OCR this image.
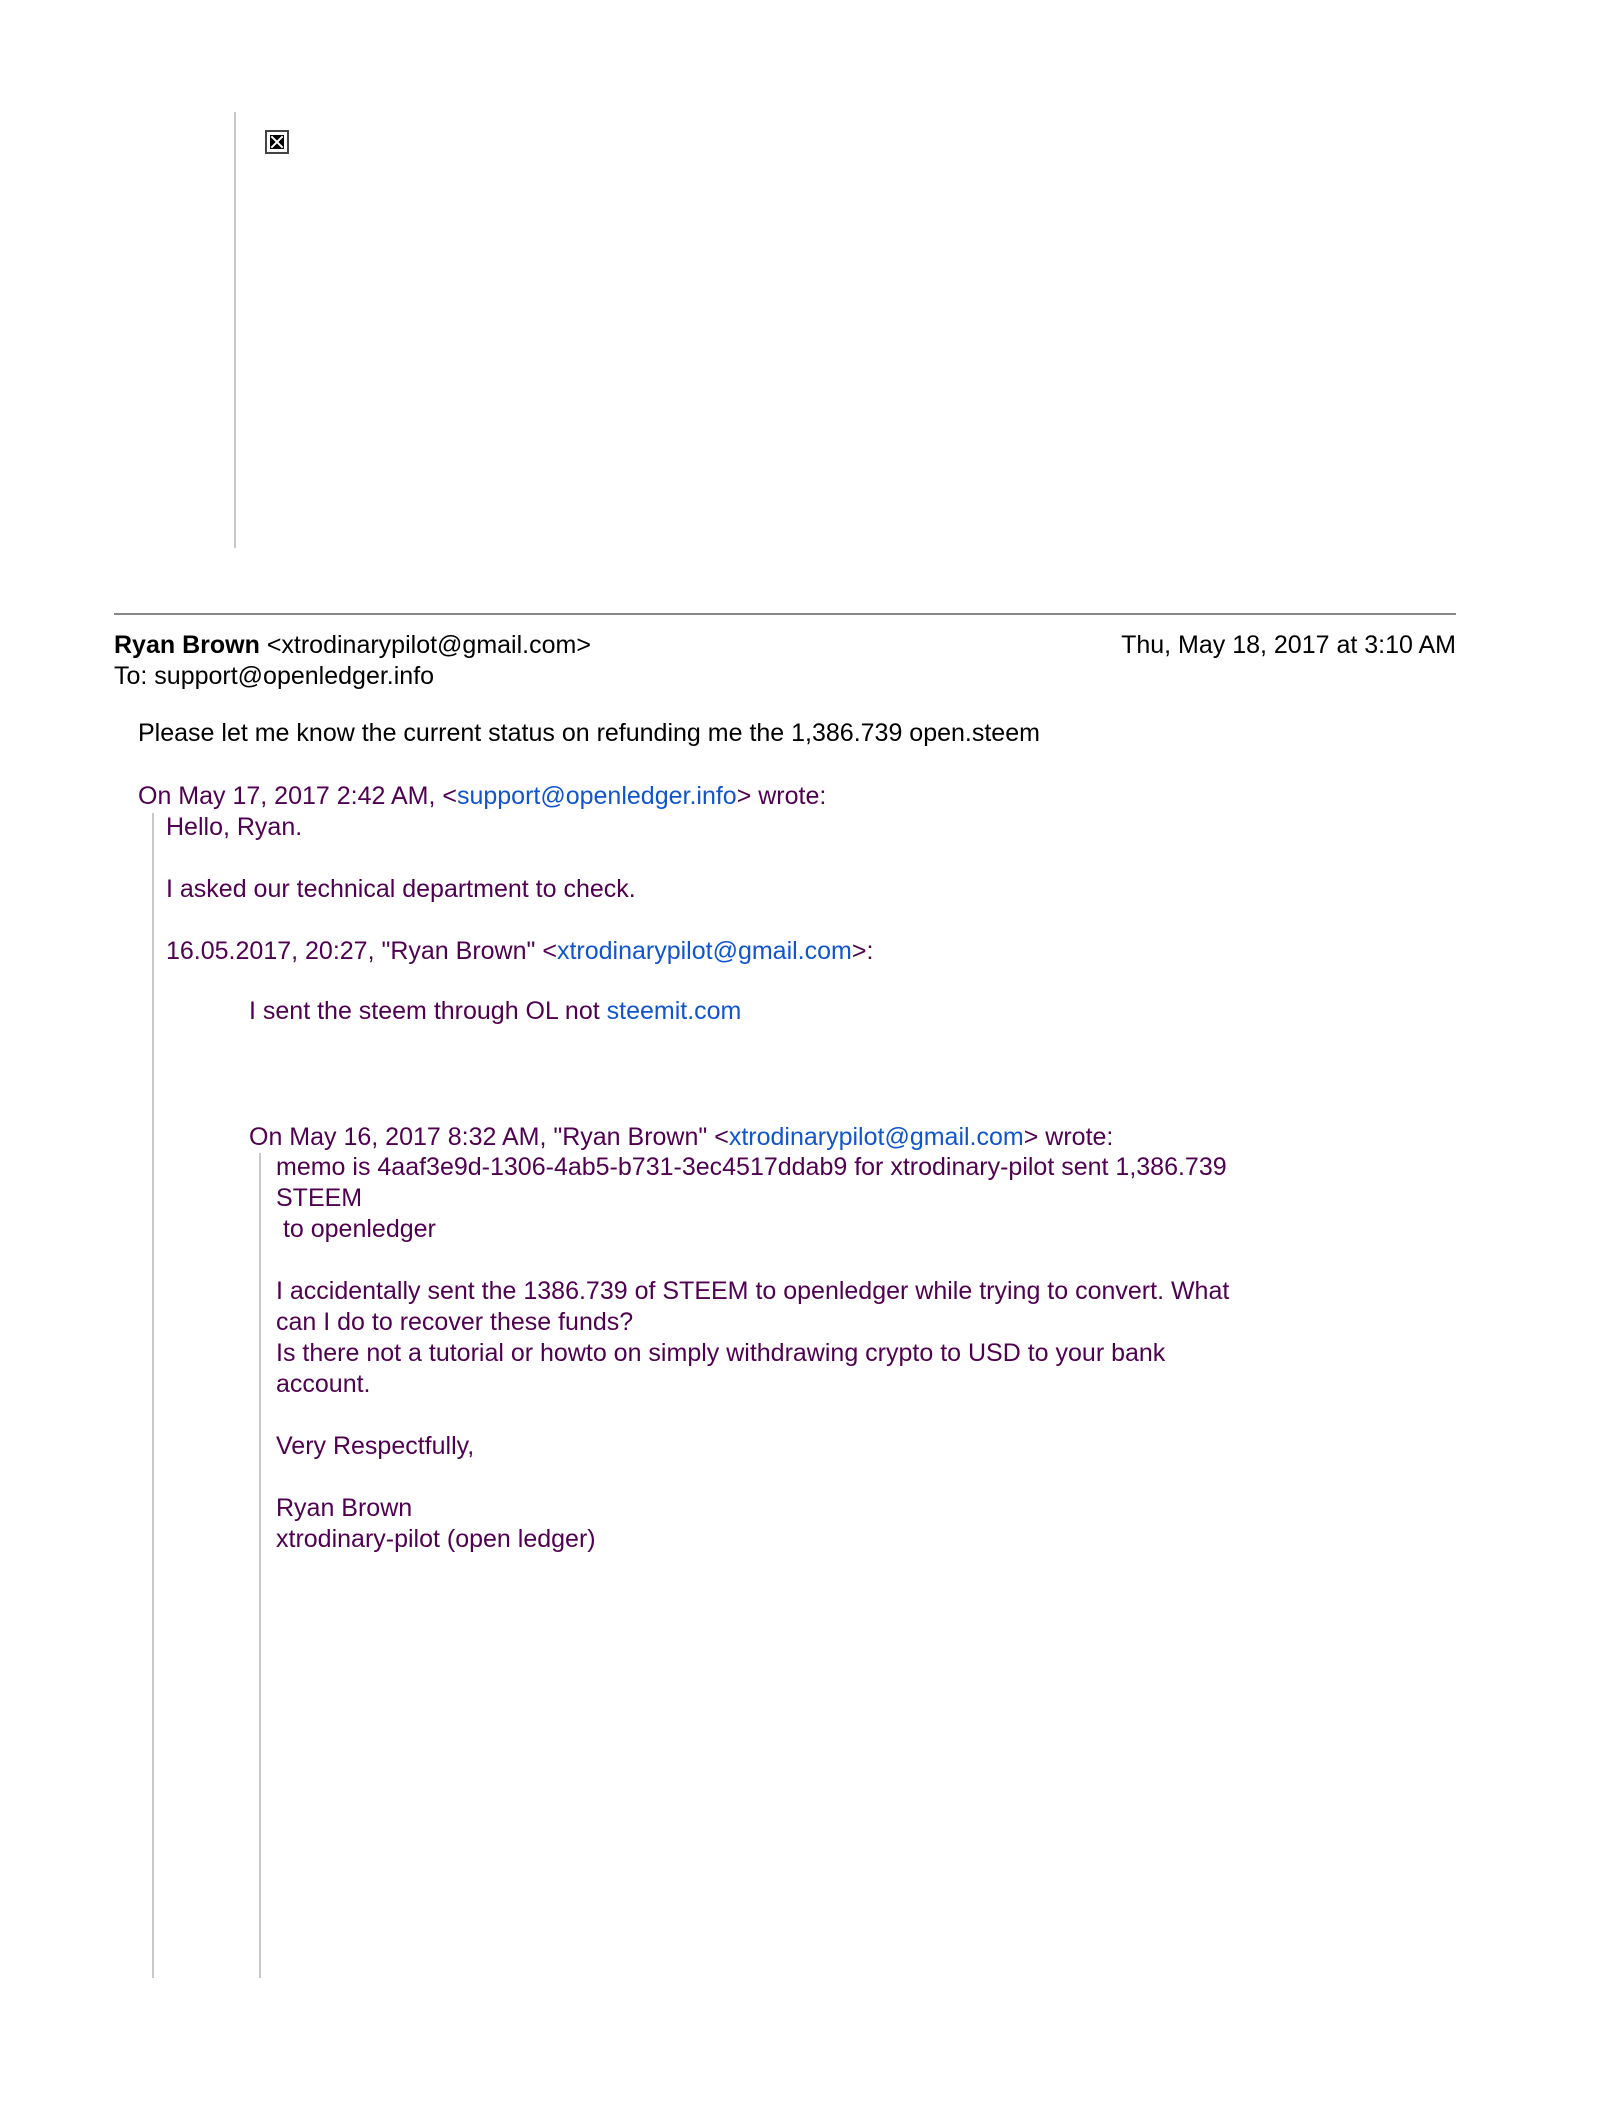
Ryan Brown <xtrodinarypilot@gmail.com>	Thu, May 18, 2017 at 3:10 AM
To: support@openledger.info
Please let me know the current status on refunding me the 1,386.739 open.steem
On May 17, 2017 2:42 AM, <support@openledger.info> wrote:
Hello, Ryan.
I asked our technical department to check.
16.05.2017, 20:27, "Ryan Brown" <xtrodinarypilot@gmail.com>:
I sent the steem through OL not steemit.com
On May 16, 2017 8:32 AM, "Ryan Brown" <xtrodinarypilot@gmail.com> wrote:
memo is 4aaf3e9d-1306-4ab5-b731-3ec4517ddab9 for xtrodinary-pilot sent 1,386.739
STEEM
to openledger
I accidentally sent the 1386.739 of STEEM to openledger while trying to convert. What
can I do to recover these funds?
Is there not a tutorial or howto on simply withdrawing crypto to USD to your bank
account.
Very Respectfully,
Ryan Brown
xtrodinary-pilot (open ledger)
